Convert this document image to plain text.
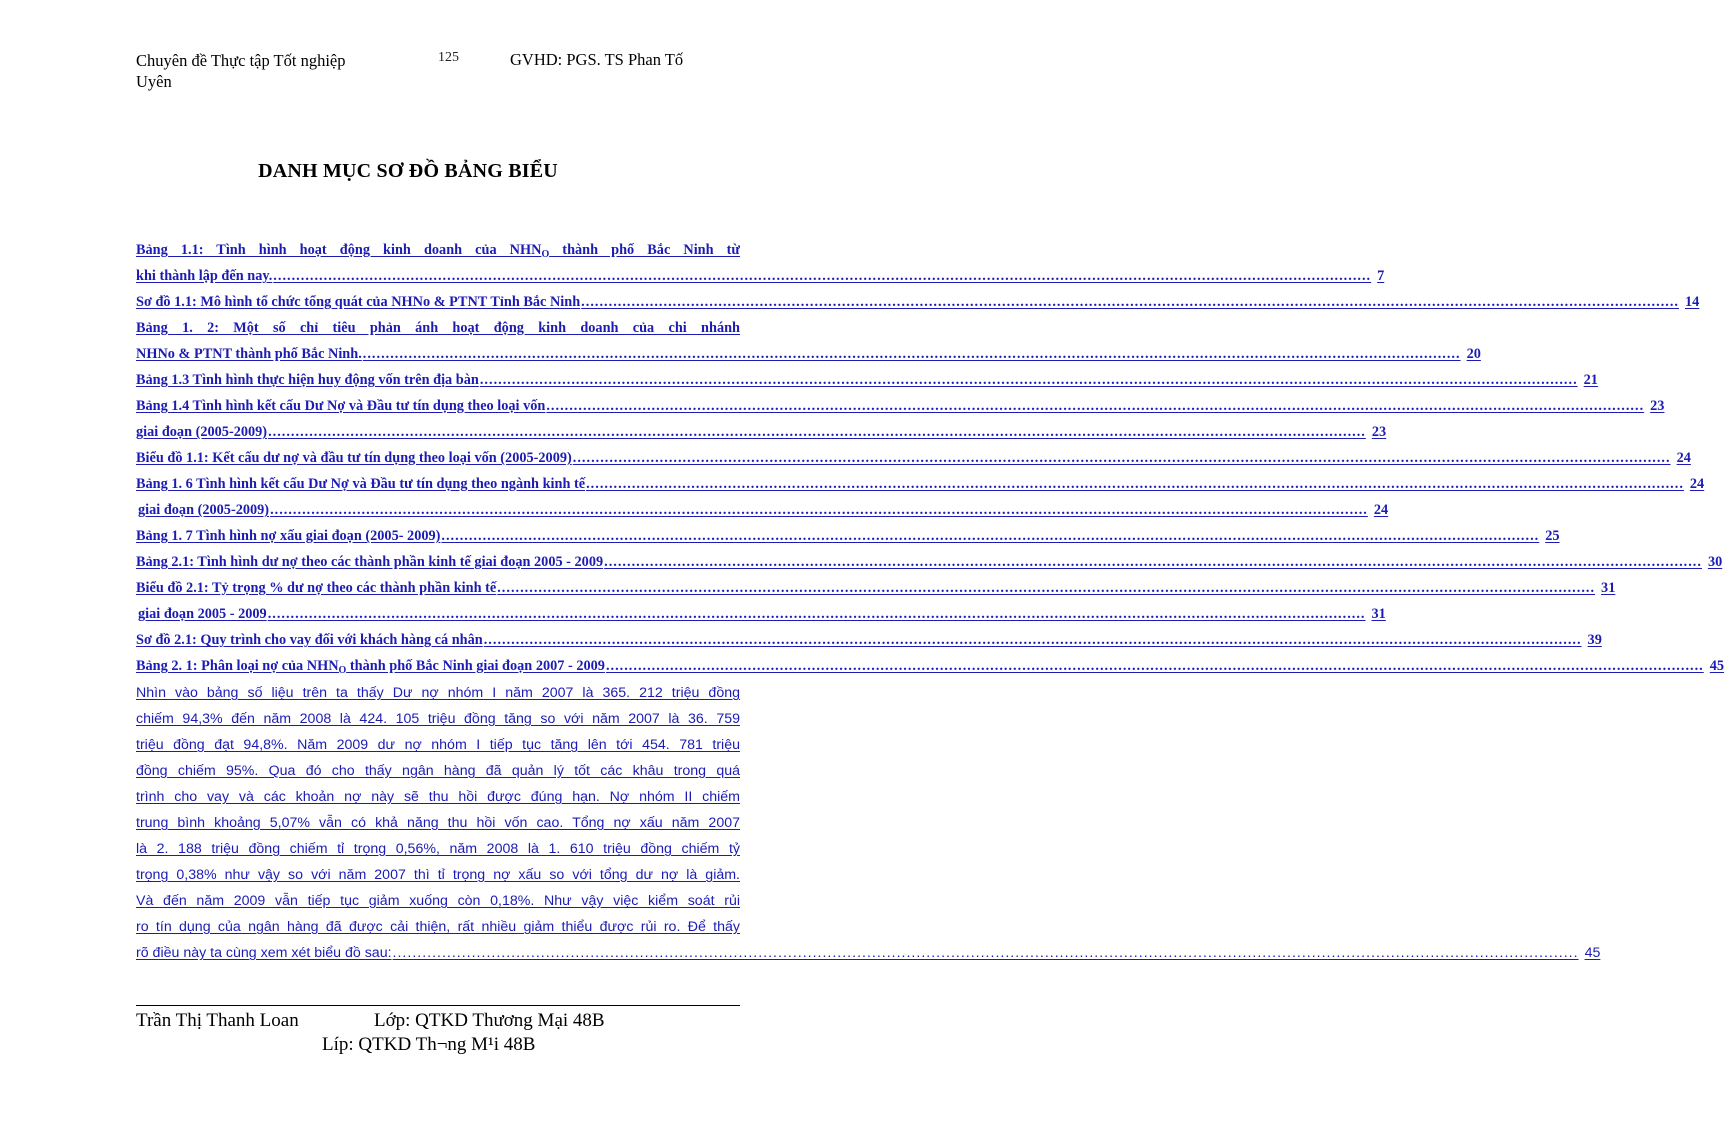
Chuyên đề Thực tập Tốt nghiệp
Uyên
125	GVHD: PGS. TS Phan Tố
DANH MỤC SƠ ĐỒ BẢNG BIỂU
Bảng 1.1: Tình hình hoạt động kinh doanh của $NHN_O$ thành phố Bắc Ninh từ
khi thành lập đến nay. .....	7
Sơ đồ 1.1: Mô hình tổ chức tổng quát của NHNo & PTNT Tỉnh Bắc Ninh .....	14
Bảng 1. 2: Một số chỉ tiêu phản ánh hoạt động kinh doanh của chi nhánh
NHNo & PTNT thành phố Bắc Ninh. .....	20
Bảng 1.3 Tình hình thực hiện huy động vốn trên địa bàn .....	21
Bảng 1.4 Tình hình kết cấu Dư Nợ và Đầu tư tín dụng theo loại vốn .....	23
giai đoạn (2005-2009) .....	23
Biểu đồ 1.1: Kết cấu dư nợ và đầu tư tín dụng theo loại vốn (2005-2009) .....	24
Bảng 1. 6 Tình hình kết cấu Dư Nợ và Đầu tư tín dụng theo ngành kinh tế .....	24
giai đoạn (2005-2009) .....	24
Bảng 1. 7 Tình hình nợ xấu giai đoạn (2005- 2009) .....	25
Bảng 2.1: Tình hình dư nợ theo các thành phần kinh tế giai đoạn 2005 - 2009 .....	30
Biểu đồ 2.1: Tỷ trọng % dư nợ theo các thành phần kinh tế .....	31
giai đoạn 2005 - 2009 .....	31
Sơ đồ 2.1: Quy trình cho vay đối với khách hàng cá nhân .....	39
Bảng 2. 1: Phân loại nợ của $NHN_O$ thành phố Bắc Ninh giai đoạn 2007 - 2009 .....	45
Nhìn vào bảng số liệu trên ta thấy Dư nợ nhóm I năm 2007 là 365. 212 triệu đồng
chiếm 94,3% đến năm 2008 là 424. 105 triệu đồng tăng so với năm 2007 là 36. 759
triệu đồng đạt 94,8%. Năm 2009 dư nợ nhóm I tiếp tục tăng lên tới 454. 781 triệu
đồng chiếm 95%. Qua đó cho thấy ngân hàng đã quản lý tốt các khâu trong quá
trình cho vay và các khoản nợ này sẽ thu hồi được đúng hạn. Nợ nhóm II chiếm
trung bình khoảng 5,07% vẫn có khả năng thu hồi vốn cao. Tổng nợ xấu năm 2007
là 2. 188 triệu đồng chiếm tỉ trọng 0,56%, năm 2008 là 1. 610 triệu đồng chiếm tỷ
trọng 0,38% như vậy so với năm 2007 thì tỉ trọng nợ xấu so với tổng dư nợ là giảm.
Và đến năm 2009 vẫn tiếp tục giảm xuống còn 0,18%. Như vậy việc kiểm soát rủi
ro tín dụng của ngân hàng đã được cải thiện, rất nhiều giảm thiểu được rủi ro. Để thấy
rõ điều này ta cùng xem xét biểu đồ sau: .....	45
Trần Thị Thanh Loan	Lớp: QTKD Thương Mại 48B
Líp: QTKD Th¬ng M¹i 48B
